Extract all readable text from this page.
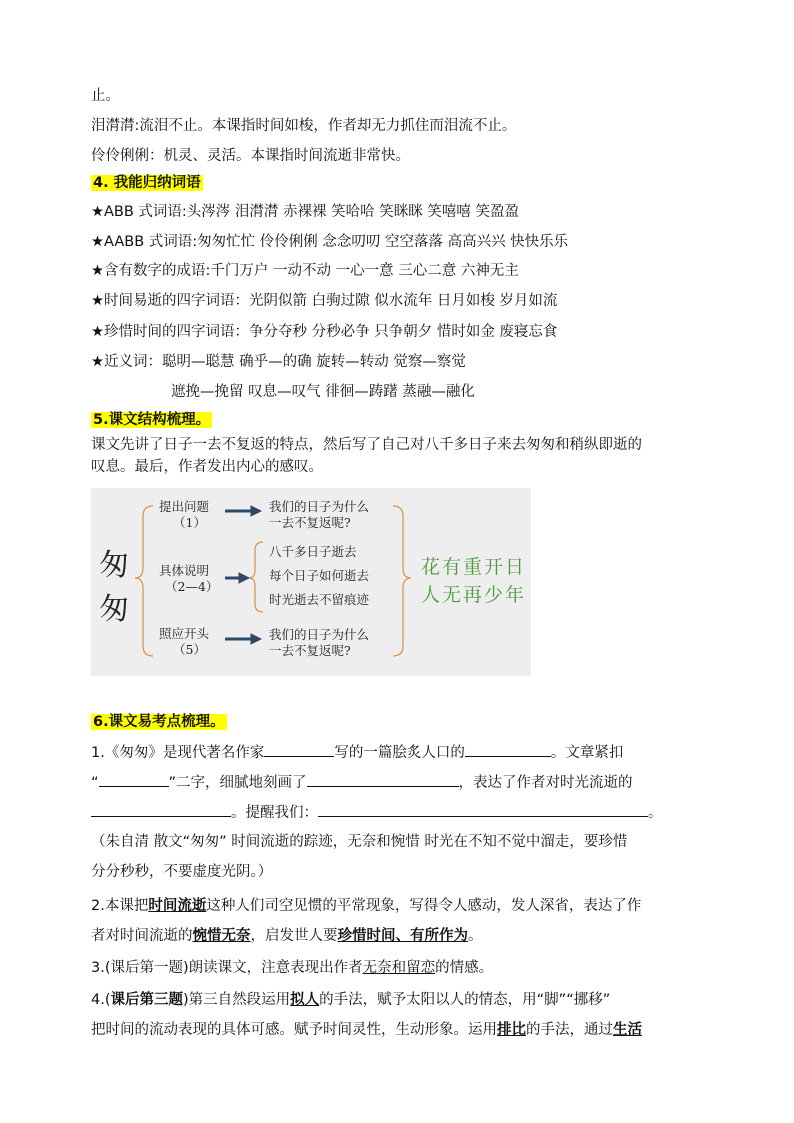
止。
泪潸潸:流泪不止。本课指时间如梭，作者却无力抓住而泪流不止。
伶伶俐俐：机灵、灵活。本课指时间流逝非常快。
4. 我能归纳词语
★ABB 式词语:头涔涔 泪潸潸 赤裸裸 笑哈哈 笑眯眯 笑嘻嘻 笑盈盈
★AABB 式词语:匆匆忙忙 伶伶俐俐 念念叨叨 空空落落 高高兴兴 快快乐乐
★含有数字的成语:千门万户 一动不动 一心一意 三心二意 六神无主
★时间易逝的四字词语：光阴似箭 白驹过隙 似水流年 日月如梭 岁月如流
★珍惜时间的四字词语：争分夺秒 分秒必争 只争朝夕 惜时如金 废寝忘食
★近义词：聪明—聪慧 确乎—的确 旋转—转动 觉察—察觉
遮挽—挽留 叹息—叹气 徘徊—踌躇 蒸融—融化
5.课文结构梳理。
课文先讲了日子一去不复返的特点，然后写了自己对八千多日子来去匆匆和稍纵即逝的
叹息。最后，作者发出内心的感叹。
匆
匆
提出问题
（1）
具体说明
（2—4）
照应开头
（5）
我们的日子为什么
一去不复返呢?
八千多日子逝去
每个日子如何逝去
时光逝去不留痕迹
我们的日子为什么
一去不复返呢?
花有重开日
人无再少年
6.课文易考点梳理。
1.《匆匆》是现代著名作家	写的一篇脍炙人口的	。文章紧扣
“	”二字，细腻地刻画了	，表达了作者对时光流逝的
。提醒我们：	。
（朱自清 散文“匆匆” 时间流逝的踪迹，无奈和惋惜 时光在不知不觉中溜走，要珍惜
分分秒秒，不要虚度光阴。）
2.本课把时间流逝这种人们司空见惯的平常现象，写得令人感动，发人深省，表达了作
者对时间流逝的惋惜无奈，启发世人要珍惜时间、有所作为。
3.(课后第一题)朗读课文，注意表现出作者无奈和留恋的情感。
4.(课后第三题)第三自然段运用拟人的手法，赋予太阳以人的情态，用“脚”“挪移”
把时间的流动表现的具体可感。赋予时间灵性，生动形象。运用排比的手法，通过生活
